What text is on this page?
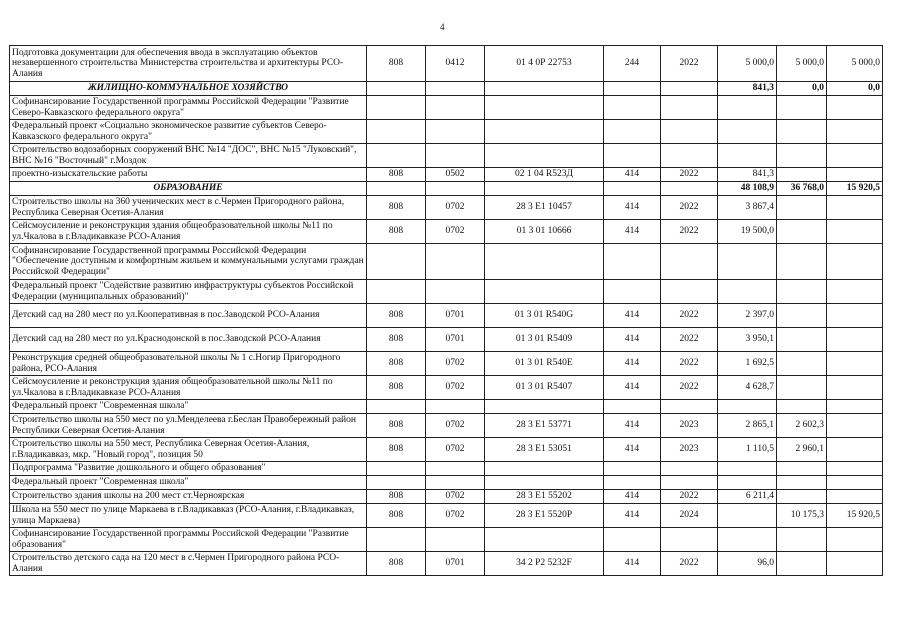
4
Подготовка документации для обеспечения ввода в эксплуатацию объектов незавершенного строительства Министерства строительства и архитектуры РСО-Алания	808	0412	01 4 0Р 22753	244	2022	5 000,0	5 000,0	5 000,0
ЖИЛИЩНО-КОММУНАЛЬНОЕ ХОЗЯЙСТВО						841,3	0,0	0,0
Софинансирование Государственной программы Российской Федерации "Развитие Северо-Кавказского федерального округа"								
Федеральный проект «Социально экономическое развитие субъектов Северо-Кавказского федерального округа"								
Строительство водозаборных сооружений ВНС №14 "ДОС", ВНС №15 "Луковский", ВНС №16 "Восточный" г.Моздок								
проектно-изыскательские работы	808	0502	02 1 04 R523Д	414	2022	841,3		
ОБРАЗОВАНИЕ						48 108,9	36 768,0	15 920,5
Строительство школы на 360 ученических мест в с.Чермен Пригородного района, Республика Северная Осетия-Алания	808	0702	28 3 E1 10457	414	2022	3 867,4		
Сейсмоусиление и реконструкция здания общеобразовательной школы №11 по ул.Чкалова в г.Владикавказе РСО-Алания	808	0702	01 3 01 10666	414	2022	19 500,0		
Софинансирование Государственной программы Российской Федерации "Обеспечение доступным и комфортным жильем и коммунальными услугами граждан Российской Федерации"								
Федеральный проект "Содействие развитию инфраструктуры субъектов Российской Федерации (муниципальных образований)"								
Детский сад на 280 мест по ул.Кооперативная в пос.Заводской РСО-Алания	808	0701	01 3 01 R540G	414	2022	2 397,0		
Детский сад на 280 мест по ул.Краснодонской в пос.Заводской РСО-Алания	808	0701	01 3 01 R5409	414	2022	3 950,1		
Реконструкция средней общеобразовательной школы № 1 с.Ногир Пригородного района, РСО-Алания	808	0702	01 3 01 R540E	414	2022	1 692,5		
Сейсмоусиление и реконструкция здания общеобразовательной школы №11 по ул.Чкалова в г.Владикавказе РСО-Алания	808	0702	01 3 01 R5407	414	2022	4 628,7		
Федеральный проект "Современная школа"								
Строительство школы на 550 мест по ул.Менделеева г.Беслан Правобережный район Республики Северная Осетия-Алания	808	0702	28 3 E1 53771	414	2023	2 865,1	2 602,3	
Строительство школы на 550 мест, Республика Северная Осетия-Алания, г.Владикавказ, мкр. "Новый город", позиция 50	808	0702	28 3 E1 53051	414	2023	1 110,5	2 960,1	
Подпрограмма "Развитие дошкольного и общего образования"								
Федеральный проект "Современная школа"								
Строительство здания школы на 200 мест ст.Черноярская	808	0702	28 3 E1 55202	414	2022	6 211,4		
Школа на 550 мест по улице Маркаева в г.Владикавказ (РСО-Алания, г.Владикавказ, улица Маркаева)	808	0702	28 3 E1 5520P	414	2024		10 175,3	15 920,5
Софинансирование Государственной программы Российской Федерации "Развитие образования"								
Строительство детского сада на 120 мест в с.Чермен Пригородного района РСО-Алания	808	0701	34 2 P2 5232F	414	2022	96,0		
